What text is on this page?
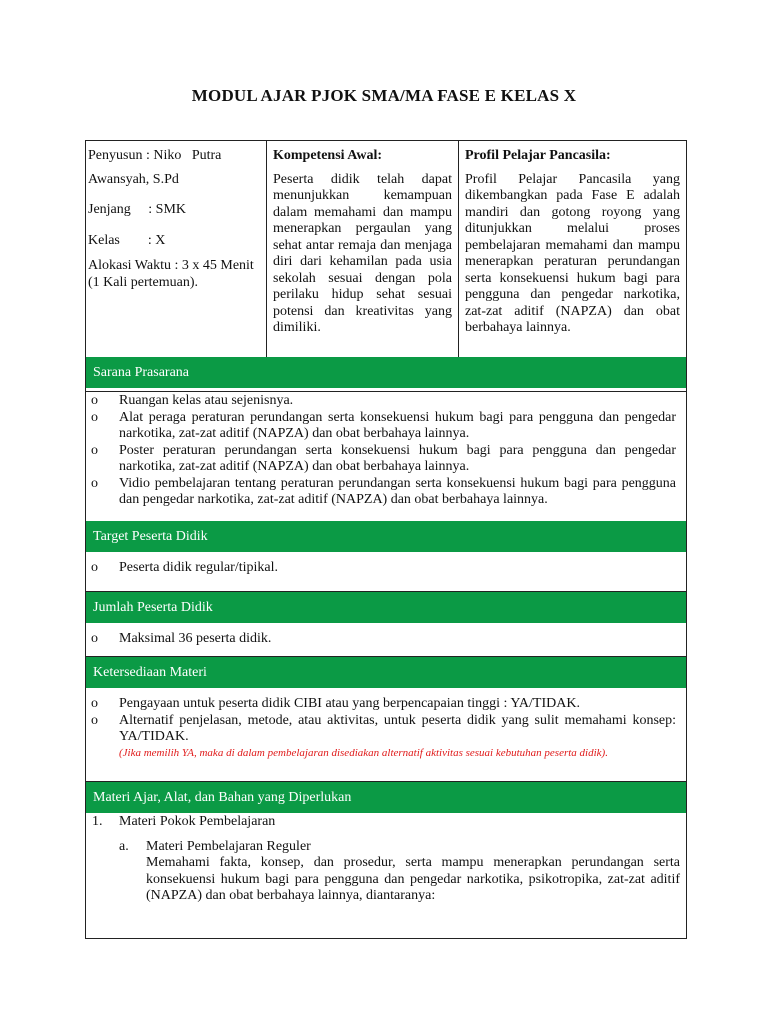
MODUL AJAR PJOK SMA/MA FASE E KELAS X
Penyusun : Niko   Putra
Awansyah, S.Pd
Jenjang     : SMK
Kelas        : X
Alokasi Waktu : 3 x 45 Menit (1 Kali pertemuan).
Kompetensi Awal:
Peserta didik telah dapat menunjukkan kemampuan dalam memahami dan mampu menerapkan pergaulan yang sehat antar remaja dan menjaga diri dari kehamilan pada usia sekolah sesuai dengan pola perilaku hidup sehat sesuai potensi dan kreativitas yang dimiliki.
Profil Pelajar Pancasila:
Profil Pelajar Pancasila yang dikembangkan pada Fase E adalah mandiri dan gotong royong yang ditunjukkan melalui proses pembelajaran memahami dan mampu menerapkan peraturan perundangan serta konsekuensi hukum bagi para pengguna dan pengedar narkotika, zat-zat aditif (NAPZA) dan obat berbahaya lainnya.
Sarana Prasarana
o Ruangan kelas atau sejenisnya.
o Alat peraga peraturan perundangan serta konsekuensi hukum bagi para pengguna dan pengedar narkotika, zat-zat aditif (NAPZA) dan obat berbahaya lainnya.
o Poster peraturan perundangan serta konsekuensi hukum bagi para pengguna dan pengedar narkotika, zat-zat aditif (NAPZA) dan obat berbahaya lainnya.
o Vidio pembelajaran tentang peraturan perundangan serta konsekuensi hukum bagi para pengguna dan pengedar narkotika, zat-zat aditif (NAPZA) dan obat berbahaya lainnya.
Target Peserta Didik
o Peserta didik regular/tipikal.
Jumlah Peserta Didik
o Maksimal 36 peserta didik.
Ketersediaan Materi
o Pengayaan untuk peserta didik CIBI atau yang berpencapaian tinggi : YA/TIDAK.
o Alternatif penjelasan, metode, atau aktivitas, untuk peserta didik yang sulit memahami konsep: YA/TIDAK.
(Jika memilih YA, maka di dalam pembelajaran disediakan alternatif aktivitas sesuai kebutuhan peserta didik).
Materi Ajar, Alat, dan Bahan yang Diperlukan
1. Materi Pokok Pembelajaran
a. Materi Pembelajaran Reguler
Memahami fakta, konsep, dan prosedur, serta mampu menerapkan perundangan serta konsekuensi hukum bagi para pengguna dan pengedar narkotika, psikotropika, zat-zat aditif (NAPZA) dan obat berbahaya lainnya, diantaranya:
